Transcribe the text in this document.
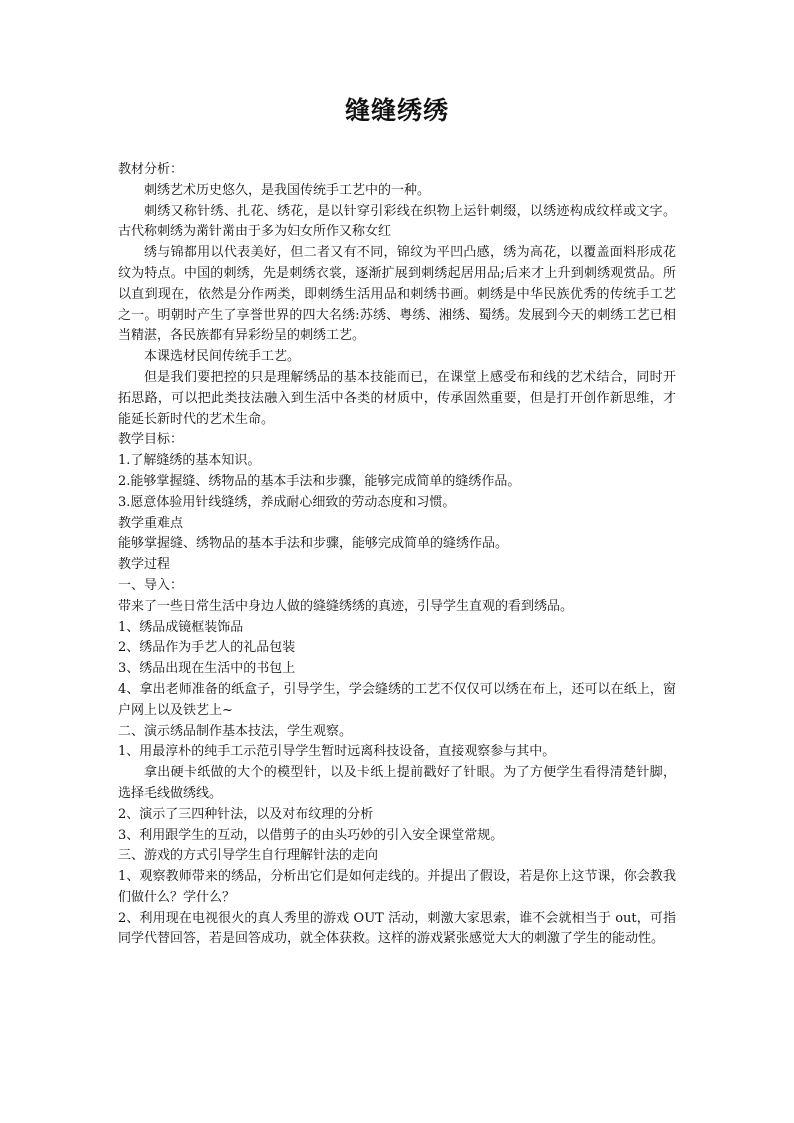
缝缝绣绣

教材分析：

刺绣艺术历史悠久，是我国传统手工艺中的一种。

刺绣又称针绣、扎花、绣花，是以针穿引彩线在织物上运针刺缀，以绣迹构成纹样或文字。古代称刺绣为黹针黹由于多为妇女所作又称女红

绣与锦都用以代表美好，但二者又有不同，锦纹为平凹凸感，绣为高花，以覆盖面料形成花纹为特点。中国的刺绣，先是刺绣衣裳，逐渐扩展到刺绣起居用品;后来才上升到刺绣观赏品。所以直到现在，依然是分作两类，即刺绣生活用品和刺绣书画。刺绣是中华民族优秀的传统手工艺之一。明朝时产生了享誉世界的四大名绣:苏绣、粤绣、湘绣、蜀绣。发展到今天的刺绣工艺已相当精湛，各民族都有异彩纷呈的刺绣工艺。

本课选材民间传统手工艺。

但是我们要把控的只是理解绣品的基本技能而已，在课堂上感受布和线的艺术结合，同时开拓思路，可以把此类技法融入到生活中各类的材质中，传承固然重要，但是打开创作新思维，才能延长新时代的艺术生命。

教学目标：

1.了解缝绣的基本知识。

2.能够掌握缝、绣物品的基本手法和步骤，能够完成简单的缝绣作品。

3.愿意体验用针线缝绣，养成耐心细致的劳动态度和习惯。

教学重难点

能够掌握缝、绣物品的基本手法和步骤，能够完成简单的缝绣作品。

教学过程

一、导入：

带来了一些日常生活中身边人做的缝缝绣绣的真迹，引导学生直观的看到绣品。

1、绣品成镜框装饰品

2、绣品作为手艺人的礼品包装

3、绣品出现在生活中的书包上

4、拿出老师准备的纸盒子，引导学生，学会缝绣的工艺不仅仅可以绣在布上，还可以在纸上，窗户网上以及铁艺上~

二、演示绣品制作基本技法，学生观察。

1、用最淳朴的纯手工示范引导学生暂时远离科技设备，直接观察参与其中。

拿出硬卡纸做的大个的模型针，以及卡纸上提前戳好了针眼。为了方便学生看得清楚针脚，选择毛线做绣线。

2、演示了三四种针法，以及对布纹理的分析

3、利用跟学生的互动，以借剪子的由头巧妙的引入安全课堂常规。

三、游戏的方式引导学生自行理解针法的走向

1、观察教师带来的绣品，分析出它们是如何走线的。并提出了假设，若是你上这节课，你会教我们做什么？学什么？

2、利用现在电视很火的真人秀里的游戏 OUT 活动，刺激大家思索，谁不会就相当于 out，可指同学代替回答，若是回答成功，就全体获救。这样的游戏紧张感觉大大的刺激了学生的能动性。
